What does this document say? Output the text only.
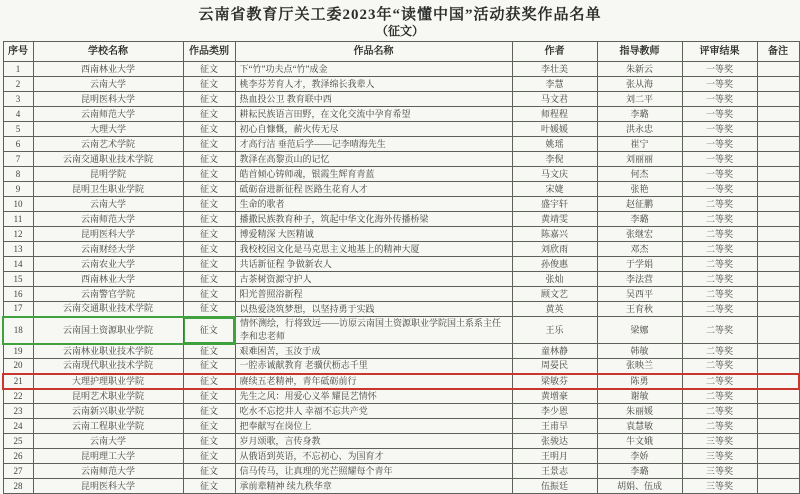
云南省教育厅关工委2023年“读懂中国”活动获奖作品名单
（征文）
序号	学校名称	作品类别	作品名称	作者	指导教师	评审结果	备注
1	西南林业大学	征文	下“竹”功夫点“竹”成金	李壮美	朱新云	一等奖	
2	云南大学	征文	桃李芬芳育人才，教泽绵长我辈人	李慧	张从海	一等奖	
3	昆明医科大学	征文	热血投公卫 教育联中西	马文君	刘二平	一等奖	
4	云南师范大学	征文	耕耘民族语言田野，在文化交流中孕育希望	师程程	李璐	一等奖	
5	大理大学	征文	初心自慷慨，薪火传无尽	叶媛媛	洪永忠	一等奖	
6	云南艺术学院	征文	才高行洁 垂范后学——记李晴海先生	姚瑶	崔宁	一等奖	
7	云南交通职业技术学院	征文	教泽在高黎贡山的记忆	李倪	刘丽丽	一等奖	
8	昆明学院	征文	皓首倾心铸师魂，银霞生辉育青蓝	马文庆	何杰	一等奖	
9	昆明卫生职业学院	征文	砥砺奋进新征程 医路生花育人才	宋婕	张艳	一等奖	
10	云南大学	征文	生命的歌者	盛宇轩	赵征鹏	二等奖	
11	云南师范大学	征文	播撒民族教育种子，筑起中华文化海外传播桥梁	黄靖雯	李璐	二等奖	
12	昆明医科大学	征文	博爱精深 大医精诚	陈嘉兴	张继宏	二等奖	
13	云南财经大学	征文	我校校园文化是马克思主义地基上的精神大厦	刘欣雨	邓杰	二等奖	
14	云南农业大学	征文	共话新征程 争做新农人	孙俊惠	于学娟	二等奖	
15	西南林业大学	征文	古茶树资源守护人	张灿	李法营	二等奖	
16	云南警官学院	征文	阳光普照浴新程	顾文艺	吴西平	二等奖	
17	云南交通职业技术学院	征文	以热爱浇筑梦想，以坚持勇于实践	黄英	王育秋	二等奖	
18	云南国土资源职业学院	征文	情怀测绘，行将致远——访原云南国土资源职业学院国土系系主任李和忠老师	王乐	梁娜	二等奖	
19	云南林业职业技术学院	征文	艰难困苦，玉汝于成	童林静	韩敏	二等奖	
20	云南现代职业技术学院	征文	一腔赤诚献教育 老骥伏枥志千里	周晏民	张映兰	二等奖	
21	大理护理职业学院	征文	赓续五老精神，青年砥砺前行	梁敏芬	陈勇	二等奖	
22	昆明艺术职业学院	征文	先生之风：用爱心义举 耀昆艺情怀	黄增豪	谢敏	二等奖	
23	云南新兴职业学院	征文	吃水不忘挖井人 幸福不忘共产党	李少恩	朱丽媛	二等奖	
24	云南工程职业学院	征文	把奉献写在岗位上	王甫早	袁慧敏	二等奖	
25	云南大学	征文	岁月颂歌，言传身教	张骏达	牛文娥	三等奖	
26	昆明理工大学	征文	从俄语到英语，不忘初心、为国育才	王明月	李娇	三等奖	
27	云南师范大学	征文	信马传马，让真理的光芒照耀每个青年	王景志	李璐	三等奖	
28	昆明医科大学	征文	承前辈精神 续九秩华章	伍振廷	胡娟、伍成	三等奖	
